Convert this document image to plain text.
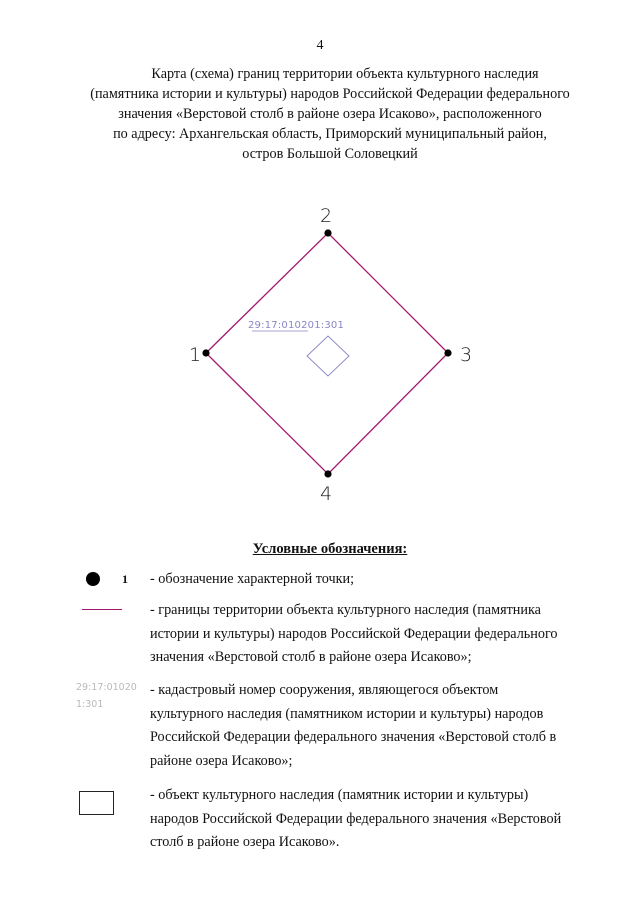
4
Карта (схема) границ территории объекта культурного наследия
(памятника истории и культуры) народов Российской Федерации федерального
значения «Верстовой столб в районе озера Исаково», расположенного
по адресу: Архангельская область, Приморский муниципальный район,
остров Большой Соловецкий
29:17:010201:301
1
2
3
4
Условные обозначения:
1 - обозначение характерной точки;
- границы территории объекта культурного наследия (памятника
истории и культуры) народов Российской Федерации федерального
значения «Верстовой столб в районе озера Исаково»;
29:17:01020
1:301
- кадастровый номер сооружения, являющегося объектом
культурного наследия (памятником истории и культуры) народов
Российской Федерации федерального значения «Верстовой столб в
районе озера Исаково»;
- объект культурного наследия (памятник истории и культуры)
народов Российской Федерации федерального значения «Верстовой
столб в районе озера Исаково».
